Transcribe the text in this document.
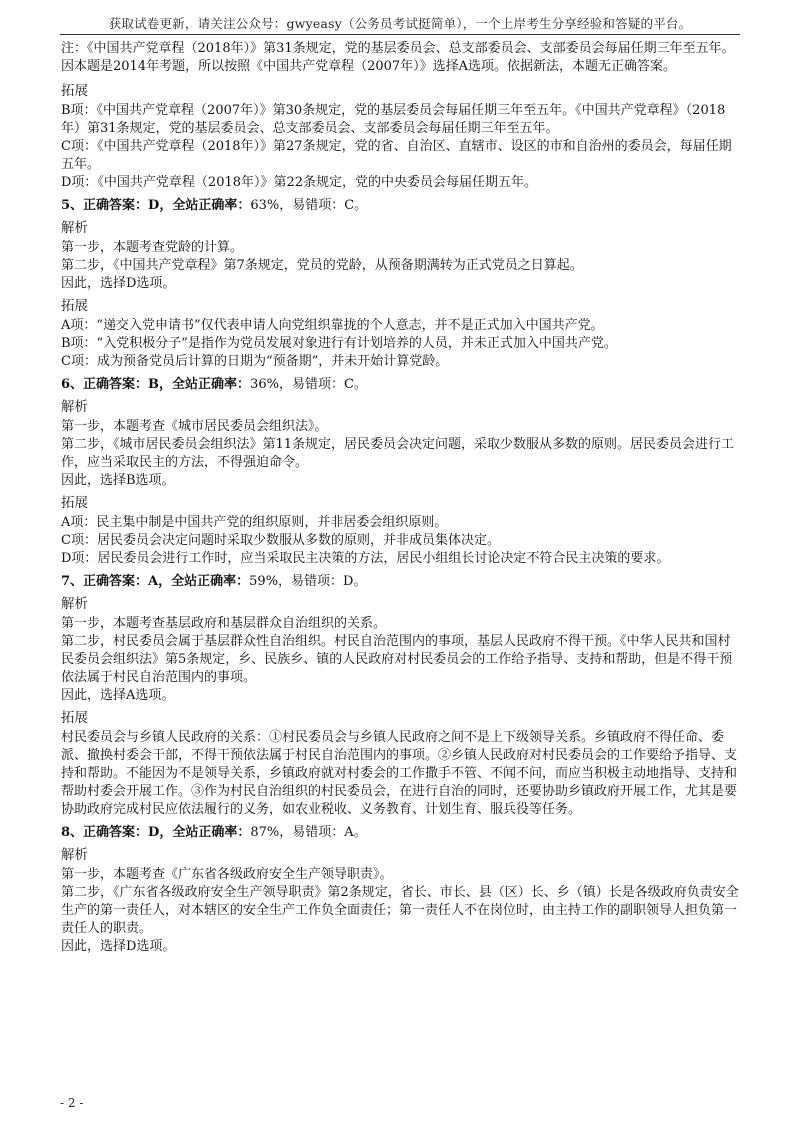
获取试卷更新，请关注公众号：gwyeasy（公务员考试挺简单），一个上岸考生分享经验和答疑的平台。

注：《中国共产党章程（2018年）》第31条规定，党的基层委员会、总支部委员会、支部委员会每届任期三年至五年。因本题是2014年考题，所以按照《中国共产党章程（2007年）》选择A选项。依据新法，本题无正确答案。

拓展

B项：《中国共产党章程（2007年）》第30条规定，党的基层委员会每届任期三年至五年。《中国共产党章程》（2018年）第31条规定，党的基层委员会、总支部委员会、支部委员会每届任期三年至五年。

C项：《中国共产党章程（2018年）》第27条规定，党的省、自治区、直辖市、设区的市和自治州的委员会，每届任期五年。

D项：《中国共产党章程（2018年）》第22条规定，党的中央委员会每届任期五年。

5、正确答案：D，全站正确率：63%，易错项：C。

解析

第一步，本题考查党龄的计算。

第二步，《中国共产党章程》第7条规定，党员的党龄，从预备期满转为正式党员之日算起。

因此，选择D选项。

拓展

A项：“递交入党申请书”仅代表申请人向党组织靠拢的个人意志，并不是正式加入中国共产党。

B项：“入党积极分子”是指作为党员发展对象进行有计划培养的人员，并未正式加入中国共产党。

C项：成为预备党员后计算的日期为“预备期”，并未开始计算党龄。

6、正确答案：B，全站正确率：36%，易错项：C。

解析

第一步，本题考查《城市居民委员会组织法》。

第二步，《城市居民委员会组织法》第11条规定，居民委员会决定问题，采取少数服从多数的原则。居民委员会进行工作，应当采取民主的方法，不得强迫命令。

因此，选择B选项。

拓展

A项：民主集中制是中国共产党的组织原则，并非居委会组织原则。

C项：居民委员会决定问题时采取少数服从多数的原则，并非成员集体决定。

D项：居民委员会进行工作时，应当采取民主决策的方法，居民小组组长讨论决定不符合民主决策的要求。

7、正确答案：A，全站正确率：59%，易错项：D。

解析

第一步，本题考查基层政府和基层群众自治组织的关系。

第二步，村民委员会属于基层群众性自治组织。村民自治范围内的事项，基层人民政府不得干预。《中华人民共和国村民委员会组织法》第5条规定，乡、民族乡、镇的人民政府对村民委员会的工作给予指导、支持和帮助，但是不得干预依法属于村民自治范围内的事项。

因此，选择A选项。

拓展

村民委员会与乡镇人民政府的关系：①村民委员会与乡镇人民政府之间不是上下级领导关系。乡镇政府不得任命、委派、撤换村委会干部，不得干预依法属于村民自治范围内的事项。②乡镇人民政府对村民委员会的工作要给予指导、支持和帮助。不能因为不是领导关系，乡镇政府就对村委会的工作撒手不管、不闻不问，而应当积极主动地指导、支持和帮助村委会开展工作。③作为村民自治组织的村民委员会，在进行自治的同时，还要协助乡镇政府开展工作，尤其是要协助政府完成村民应依法履行的义务，如农业税收、义务教育、计划生育、服兵役等任务。

8、正确答案：D，全站正确率：87%，易错项：A。

解析

第一步，本题考查《广东省各级政府安全生产领导职责》。

第二步，《广东省各级政府安全生产领导职责》第2条规定，省长、市长、县（区）长、乡（镇）长是各级政府负责安全生产的第一责任人，对本辖区的安全生产工作负全面责任；第一责任人不在岗位时，由主持工作的副职领导人担负第一责任人的职责。

因此，选择D选项。

- 2 -
